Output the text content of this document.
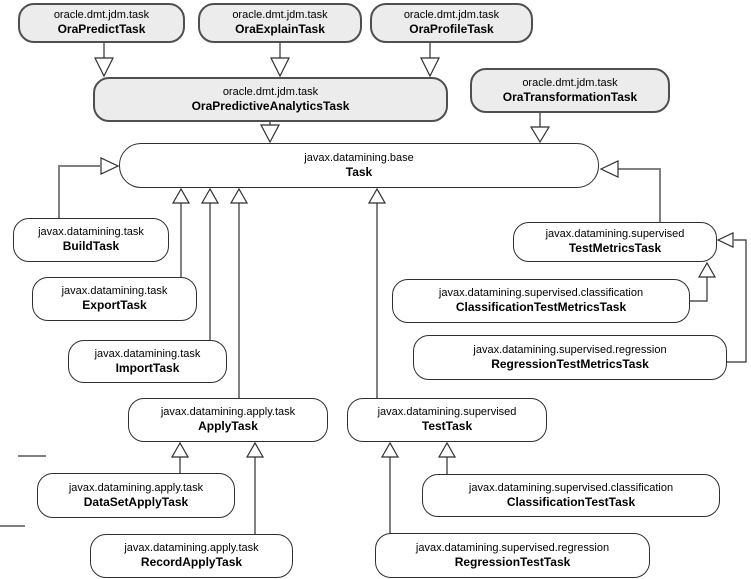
oracle.dmt.jdm.task
OraPredictTask
oracle.dmt.jdm.task
OraExplainTask
oracle.dmt.jdm.task
OraProfileTask
oracle.dmt.jdm.task
OraPredictiveAnalyticsTask
oracle.dmt.jdm.task
OraTransformationTask
javax.datamining.base
Task
javax.datamining.task
BuildTask
javax.datamining.task
ExportTask
javax.datamining.task
ImportTask
javax.datamining.supervised
TestMetricsTask
javax.datamining.supervised.classification
ClassificationTestMetricsTask
javax.datamining.supervised.regression
RegressionTestMetricsTask
javax.datamining.apply.task
ApplyTask
javax.datamining.supervised
TestTask
javax.datamining.apply.task
DataSetApplyTask
javax.datamining.supervised.classification
ClassificationTestTask
javax.datamining.apply.task
RecordApplyTask
javax.datamining.supervised.regression
RegressionTestTask
